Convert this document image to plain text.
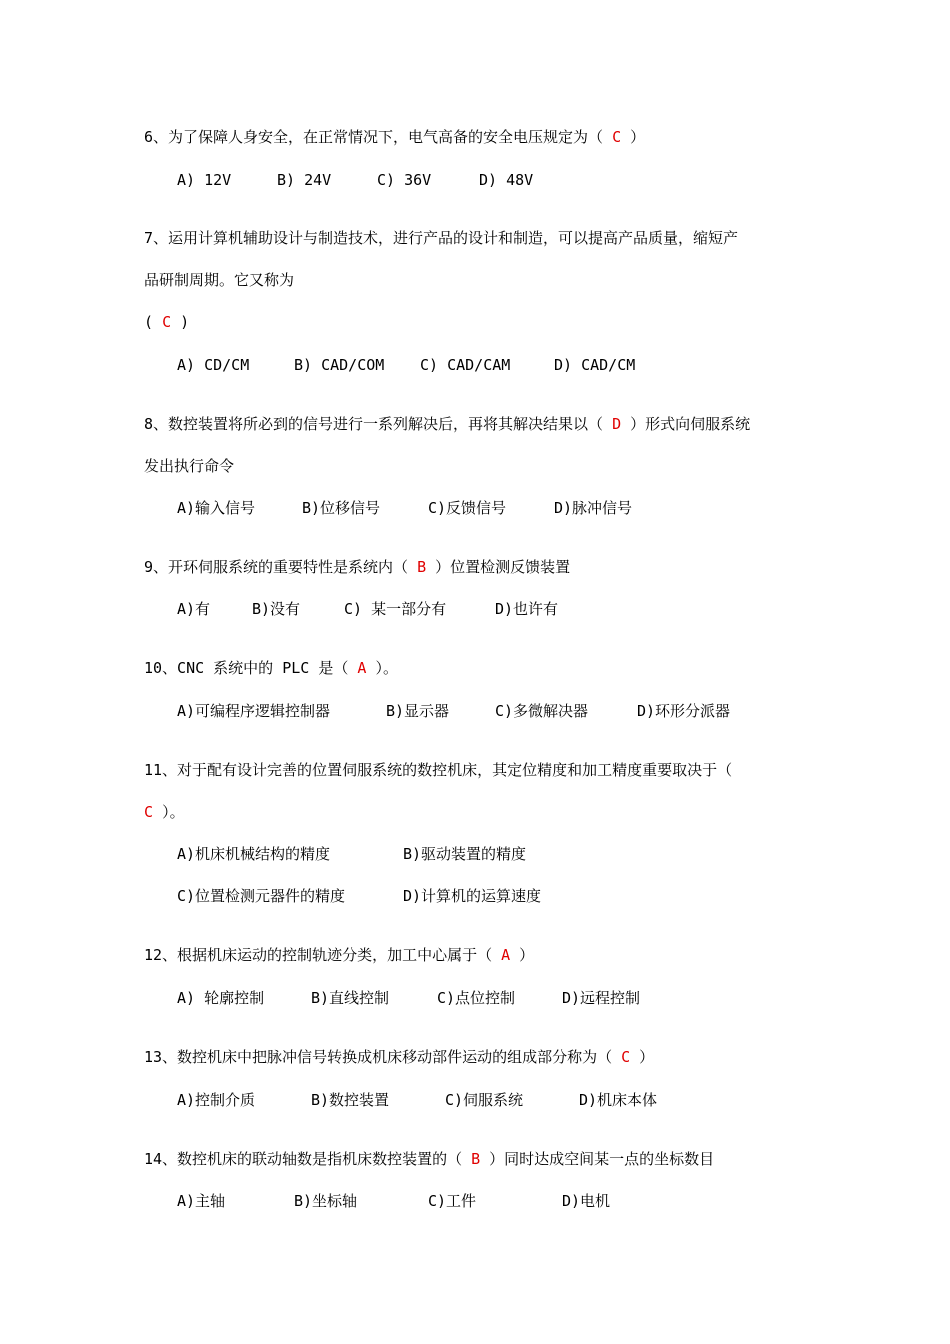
6、为了保障人身安全，在正常情况下，电气高备的安全电压规定为（ C ）
A) 12V	B) 24V	C) 36V	D) 48V
7、运用计算机辅助设计与制造技术，进行产品的设计和制造，可以提高产品质量，缩短产
品研制周期。它又称为
( C )
A) CD/CM	B) CAD/COM C) CAD/CAM	D) CAD/CM
8、数控装置将所必到的信号进行一系列解决后，再将其解决结果以（ D ）形式向伺服系统
发出执行命令
A)输入信号	B)位移信号	C)反馈信号	D)脉冲信号
9、开环伺服系统的重要特性是系统内（ B ）位置检测反馈装置
A)有	B)没有	C) 某一部分有	D)也许有
10、CNC 系统中的 PLC 是（ A ）。
A)可编程序逻辑控制器	B)显示器	C)多微解决器	D)环形分派器
11、对于配有设计完善的位置伺服系统的数控机床，其定位精度和加工精度重要取决于（
C ）。
A)机床机械结构的精度	B)驱动装置的精度
C)位置检测元器件的精度	D)计算机的运算速度
12、根据机床运动的控制轨迹分类，加工中心属于（ A ）
A) 轮廓控制	B)直线控制	C)点位控制	D)远程控制
13、数控机床中把脉冲信号转换成机床移动部件运动的组成部分称为（ C ）
A)控制介质	B)数控装置	C)伺服系统	D)机床本体
14、数控机床的联动轴数是指机床数控装置的（ B ）同时达成空间某一点的坐标数目
A)主轴	B)坐标轴	C)工件	D)电机
